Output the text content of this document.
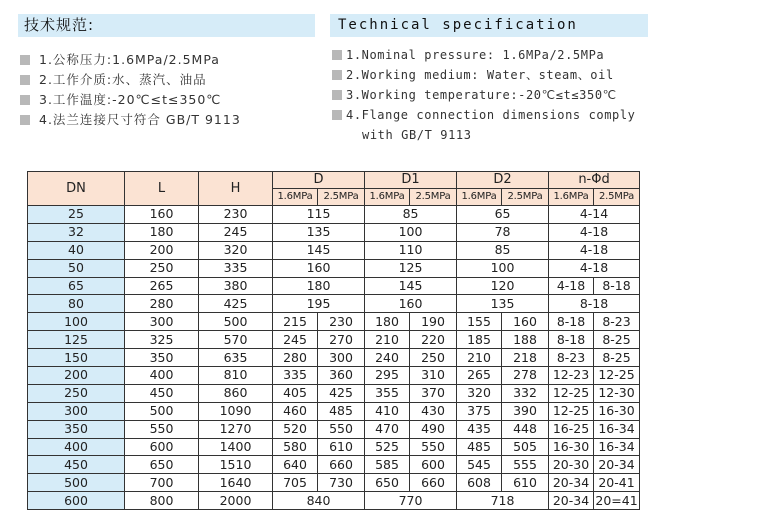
技术规范:	Technical specification
1.公称压力:1.6MPa/2.5MPa
2.工作介质:水、蒸汽、油品
3.工作温度:-20℃≤t≤350℃
4.法兰连接尺寸符合 GB/T 9113
1.Nominal pressure: 1.6MPa/2.5MPa
2.Working medium: Water、steam、oil
3.Working temperature:-20℃≤t≤350℃
4.Flange connection dimensions comply
with GB/T 9113
DN	L	H	D		D1		D2		n-Φd	
			1.6MPa	2.5MPa	1.6MPa	2.5MPa	1.6MPa	2.5MPa	1.6MPa	2.5MPa
25	160	230	115		85		65		4-14	
32	180	245	135		100		78		4-18	
40	200	320	145		110		85		4-18	
50	250	335	160		125		100		4-18	
65	265	380	180		145		120		4-18	8-18
80	280	425	195		160		135		8-18	
100	300	500	215	230	180	190	155	160	8-18	8-23
125	325	570	245	270	210	220	185	188	8-18	8-25
150	350	635	280	300	240	250	210	218	8-23	8-25
200	400	810	335	360	295	310	265	278	12-23	12-25
250	450	860	405	425	355	370	320	332	12-25	12-30
300	500	1090	460	485	410	430	375	390	12-25	16-30
350	550	1270	520	550	470	490	435	448	16-25	16-34
400	600	1400	580	610	525	550	485	505	16-30	16-34
450	650	1510	640	660	585	600	545	555	20-30	20-34
500	700	1640	705	730	650	660	608	610	20-34	20-41
600	800	2000	840		770		718		20-34	20=41
